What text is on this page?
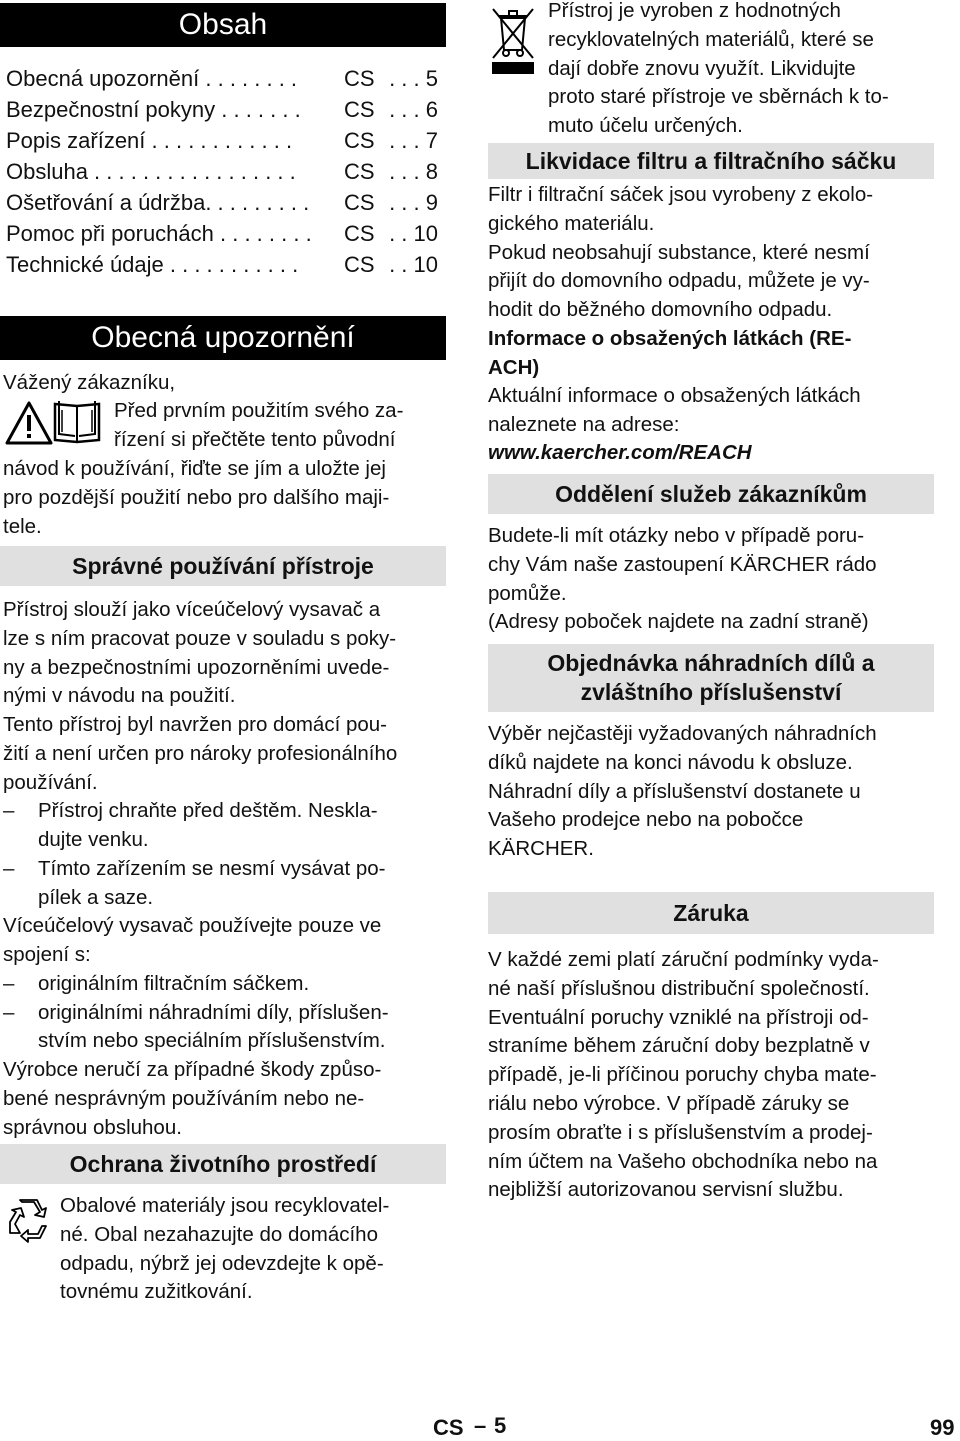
Obsah
Obecná upozornění . . . . . . . . CS . . . 5
Bezpečnostní pokyny . . . . . . . CS . . . 6
Popis zařízení . . . . . . . . . . . . CS . . . 7
Obsluha . . . . . . . . . . . . . . . . . CS . . . 8
Ošetřování a údržba. . . . . . . . . CS . . . 9
Pomoc při poruchách . . . . . . . . CS . . 10
Technické údaje . . . . . . . . . . . CS . . 10
Obecná upozornění
Vážený zákazníku,
Před prvním použitím svého za-
řízení si přečtěte tento původní
návod k používání, řiďte se jím a uložte jej
pro pozdější použití nebo pro dalšího maji-
tele.
Správné používání přístroje
Přístroj slouží jako víceúčelový vysavač a
lze s ním pracovat pouze v souladu s poky-
ny a bezpečnostními upozorněními uvede-
nými v návodu na použití.
Tento přístroj byl navržen pro domácí pou-
žití a není určen pro nároky profesionálního
používání.
– Přístroj chraňte před deštěm. Neskla-
dujte venku.
– Tímto zařízením se nesmí vysávat po-
pílek a saze.
Víceúčelový vysavač používejte pouze ve
spojení s:
– originálním filtračním sáčkem.
– originálními náhradními díly, příslušen-
stvím nebo speciálním příslušenstvím.
Výrobce neručí za případné škody způso-
bené nesprávným používáním nebo ne-
správnou obsluhou.
Ochrana životního prostředí
Obalové materiály jsou recyklovatel-
né. Obal nezahazujte do domácího
odpadu, nýbrž jej odevzdejte k opě-
tovnému zužitkování.
Přístroj je vyroben z hodnotných
recyklovatelných materiálů, které se
dají dobře znovu využít. Likvidujte
proto staré přístroje ve sběrnách k to-
muto účelu určených.
Likvidace filtru a filtračního sáčku
Filtr i filtrační sáček jsou vyrobeny z ekolo-
gického materiálu.
Pokud neobsahují substance, které nesmí
přijít do domovního odpadu, můžete je vy-
hodit do běžného domovního odpadu.
Informace o obsažených látkách (RE-
ACH)
Aktuální informace o obsažených látkách
naleznete na adrese:
www.kaercher.com/REACH
Oddělení služeb zákazníkům
Budete-li mít otázky nebo v případě poru-
chy Vám naše zastoupení KÄRCHER rádo
pomůže.
(Adresy poboček najdete na zadní straně)
Objednávka náhradních dílů a
zvláštního příslušenství
Výběr nejčastěji vyžadovaných náhradních
díků najdete na konci návodu k obsluze.
Náhradní díly a příslušenství dostanete u
Vašeho prodejce nebo na pobočce
KÄRCHER.
Záruka
V každé zemi platí záruční podmínky vyda-
né naší příslušnou distribuční společností.
Eventuální poruchy vzniklé na přístroji od-
straníme během záruční doby bezplatně v
případě, je-li příčinou poruchy chyba mate-
riálu nebo výrobce. V případě záruky se
prosím obraťte i s příslušenstvím a prodej-
ním účtem na Vašeho obchodníka nebo na
nejbližší autorizovanou servisní službu.
CS – 5	99
